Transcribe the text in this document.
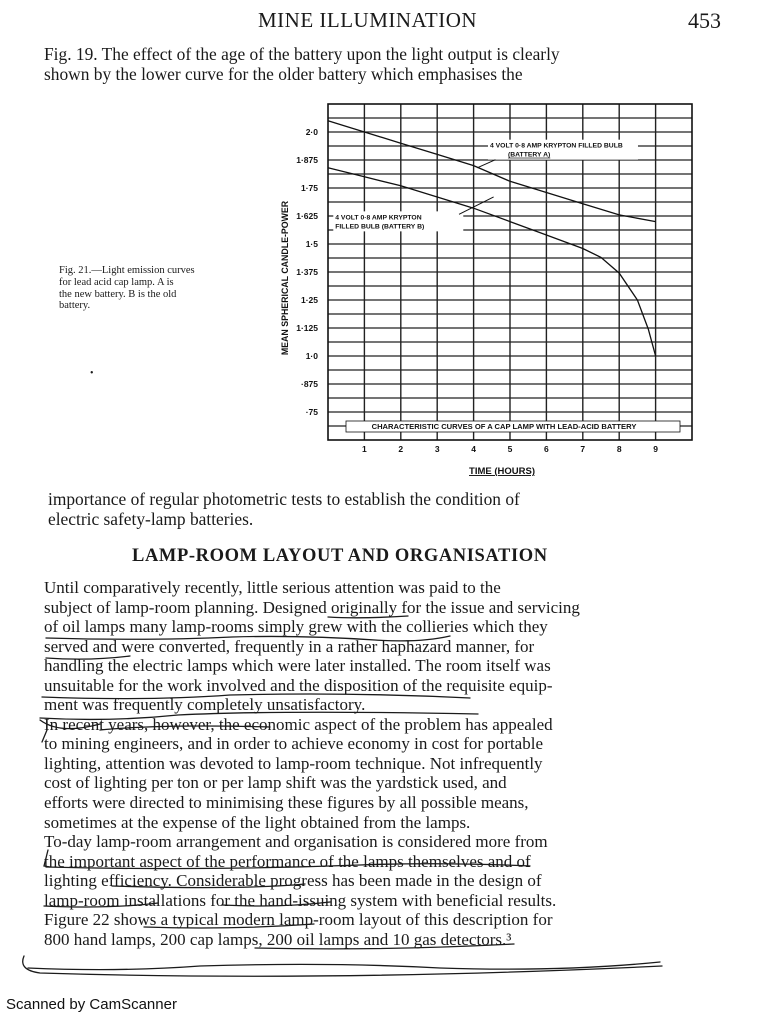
MINE ILLUMINATION	453
Fig. 19. The effect of the age of the battery upon the light output is clearly
shown by the lower curve for the older battery which emphasises the
Fig. 21.—Light emission curves
for lead acid cap lamp. A is
the new battery. B is the old
battery.
•
2·0
1·875
1·75
1·625
1·5
1·375
1·25
1·125
1·0
·875
·75
1	2	3	4	5	6	7	8	9
MEAN SPHERICAL CANDLE-POWER
TIME (HOURS)
CHARACTERISTIC CURVES OF A CAP LAMP WITH LEAD-ACID BATTERY
4 VOLT 0·8 AMP KRYPTON FILLED BULB
(BATTERY A)
4 VOLT 0·8 AMP KRYPTON
FILLED BULB (BATTERY B)
importance of regular photometric tests to establish the condition of
electric safety-lamp batteries.
LAMP-ROOM LAYOUT AND ORGANISATION
Until comparatively recently, little serious attention was paid to the
subject of lamp-room planning. Designed originally for the issue and servicing
of oil lamps many lamp-rooms simply grew with the collieries which they
served and were converted, frequently in a rather haphazard manner, for
handling the electric lamps which were later installed. The room itself was
unsuitable for the work involved and the disposition of the requisite equip-
ment was frequently completely unsatisfactory.
In recent years, however, the economic aspect of the problem has appealed
to mining engineers, and in order to achieve economy in cost for portable
lighting, attention was devoted to lamp-room technique. Not infrequently
cost of lighting per ton or per lamp shift was the yardstick used, and
efforts were directed to minimising these figures by all possible means,
sometimes at the expense of the light obtained from the lamps.
To-day lamp-room arrangement and organisation is considered more from
the important aspect of the performance of the lamps themselves and of
lighting efficiency. Considerable progress has been made in the design of
lamp-room installations for the hand-issuing system with beneficial results.
Figure 22 shows a typical modern lamp-room layout of this description for
800 hand lamps, 200 cap lamps, 200 oil lamps and 10 gas detectors.³
Scanned by CamScanner
